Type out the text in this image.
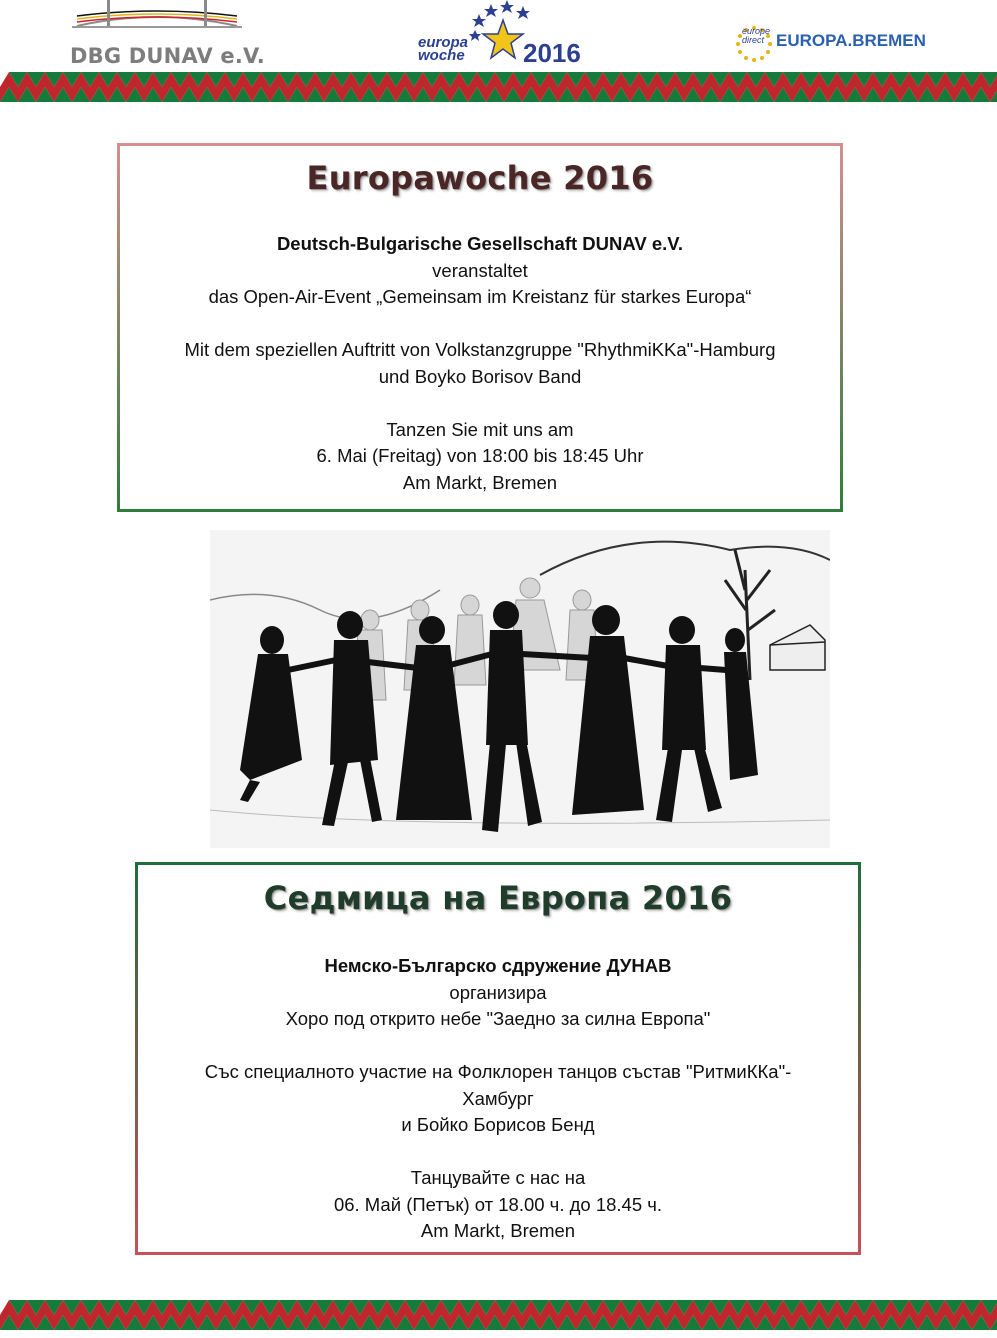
DBG DUNAV e.V.
europa
woche 2016
europe
direct EUROPA.BREMEN
Europawoche 2016
Deutsch-Bulgarische Gesellschaft DUNAV e.V.
veranstaltet
das Open-Air-Event „Gemeinsam im Kreistanz für starkes Europa“
Mit dem speziellen Auftritt von Volkstanzgruppe "RhythmiKKa"-Hamburg
und Boyko Borisov Band
Tanzen Sie mit uns am
6. Mai (Freitag) von 18:00 bis 18:45 Uhr
Am Markt, Bremen
Седмица на Европа 2016
Немско-Българско сдружение ДУНАВ
организира
Хоро под открито небе "Заедно за силна Европа"
Със специалното участие на Фолклорен танцов състав "РитмиККа"-
Хамбург
и Бойко Борисов Бенд
Танцувайте с нас на
06. Май (Петък) от 18.00 ч. до 18.45 ч.
Am Markt, Bremen
